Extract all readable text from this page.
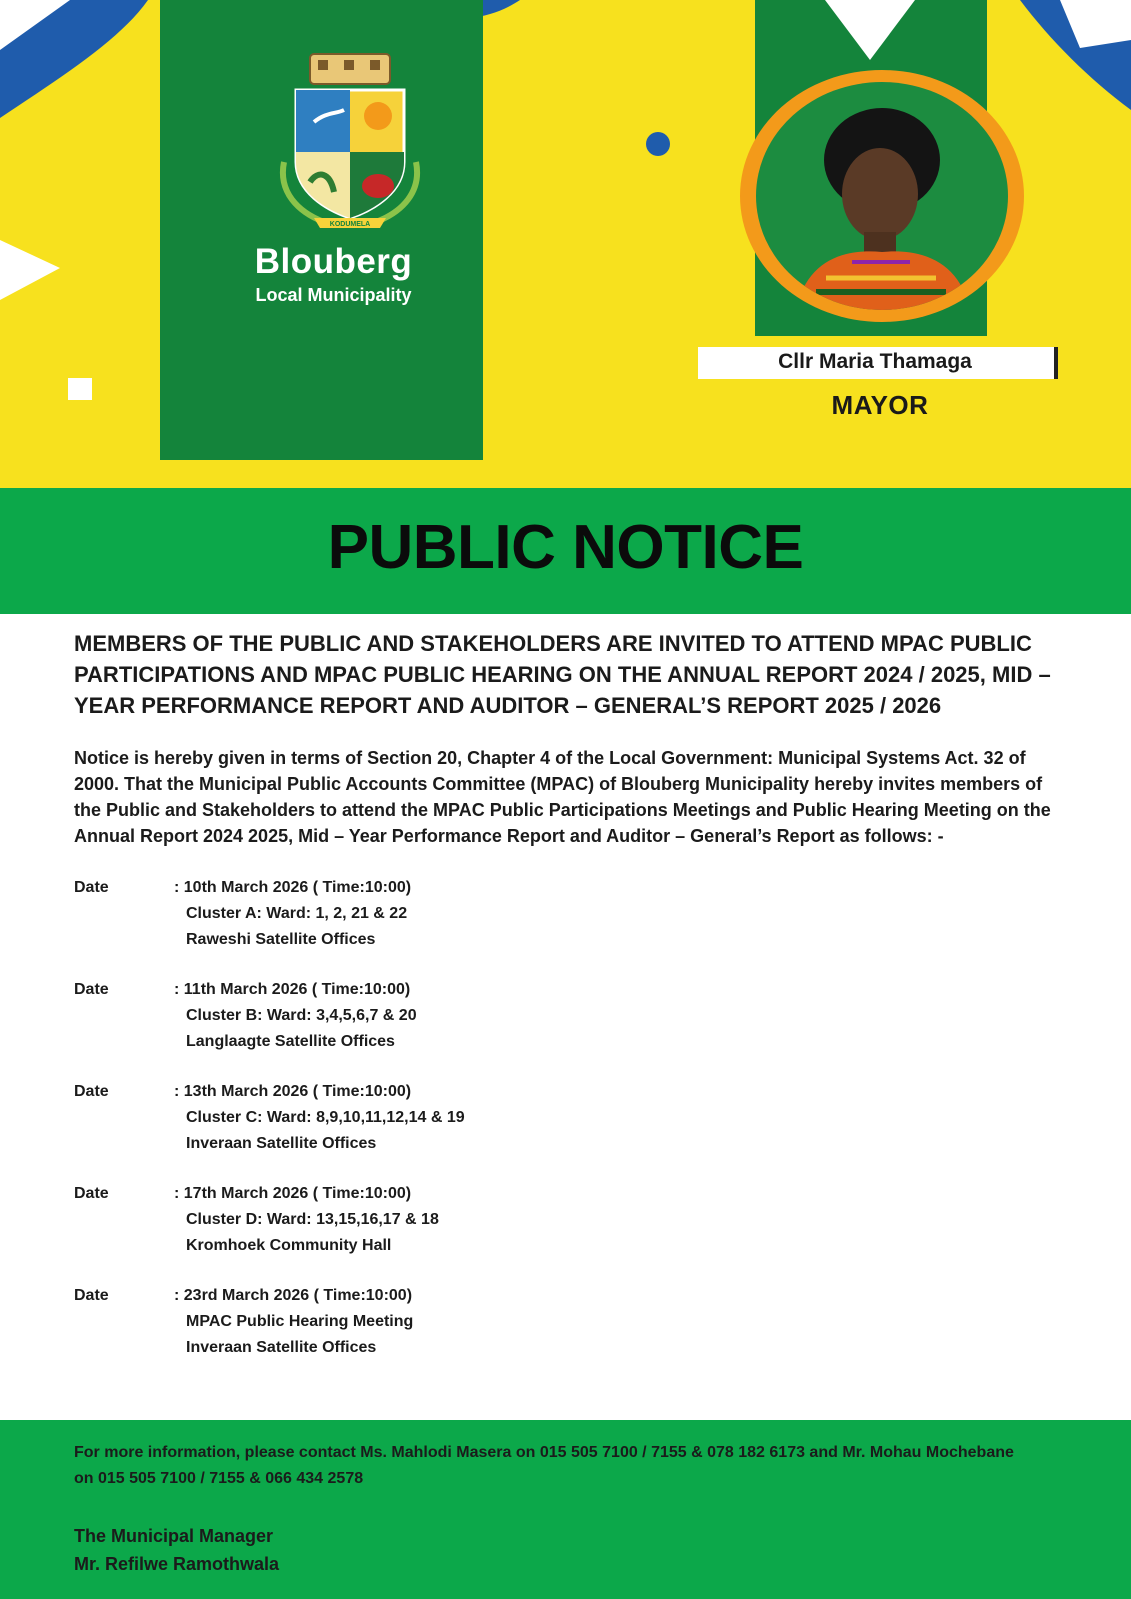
KODUMELA
Blouberg
Local Municipality
Cllr Maria Thamaga
MAYOR
PUBLIC NOTICE

MEMBERS OF THE PUBLIC AND STAKEHOLDERS ARE INVITED TO ATTEND MPAC PUBLIC PARTICIPATIONS AND MPAC PUBLIC HEARING ON THE ANNUAL REPORT 2024 / 2025, MID – YEAR PERFORMANCE REPORT AND AUDITOR – GENERAL’S REPORT 2025 / 2026

Notice is hereby given in terms of Section 20, Chapter 4 of the Local Government: Municipal Systems Act. 32 of 2000. That the Municipal Public Accounts Committee (MPAC) of Blouberg Municipality hereby invites members of the Public and Stakeholders to attend the MPAC Public Participations Meetings and Public Hearing Meeting on the Annual Report 2024 2025, Mid – Year Performance Report and Auditor – General’s Report as follows: -

Date	: 10th March 2026 ( Time:10:00)
Cluster A: Ward: 1, 2, 21 & 22
Raweshi Satellite Offices
Date	: 11th March 2026 ( Time:10:00)
Cluster B: Ward: 3,4,5,6,7 & 20
Langlaagte Satellite Offices
Date	: 13th March 2026 ( Time:10:00)
Cluster C: Ward: 8,9,10,11,12,14 & 19
Inveraan Satellite Offices
Date	: 17th March 2026 ( Time:10:00)
Cluster D: Ward: 13,15,16,17 & 18
Kromhoek Community Hall
Date	: 23rd March 2026 ( Time:10:00)
MPAC Public Hearing Meeting
Inveraan Satellite Offices
For more information, please contact Ms. Mahlodi Masera on 015 505 7100 / 7155 & 078 182 6173 and Mr. Mohau Mochebane on 015 505 7100 / 7155 & 066 434 2578
The Municipal Manager
Mr. Refilwe Ramothwala
